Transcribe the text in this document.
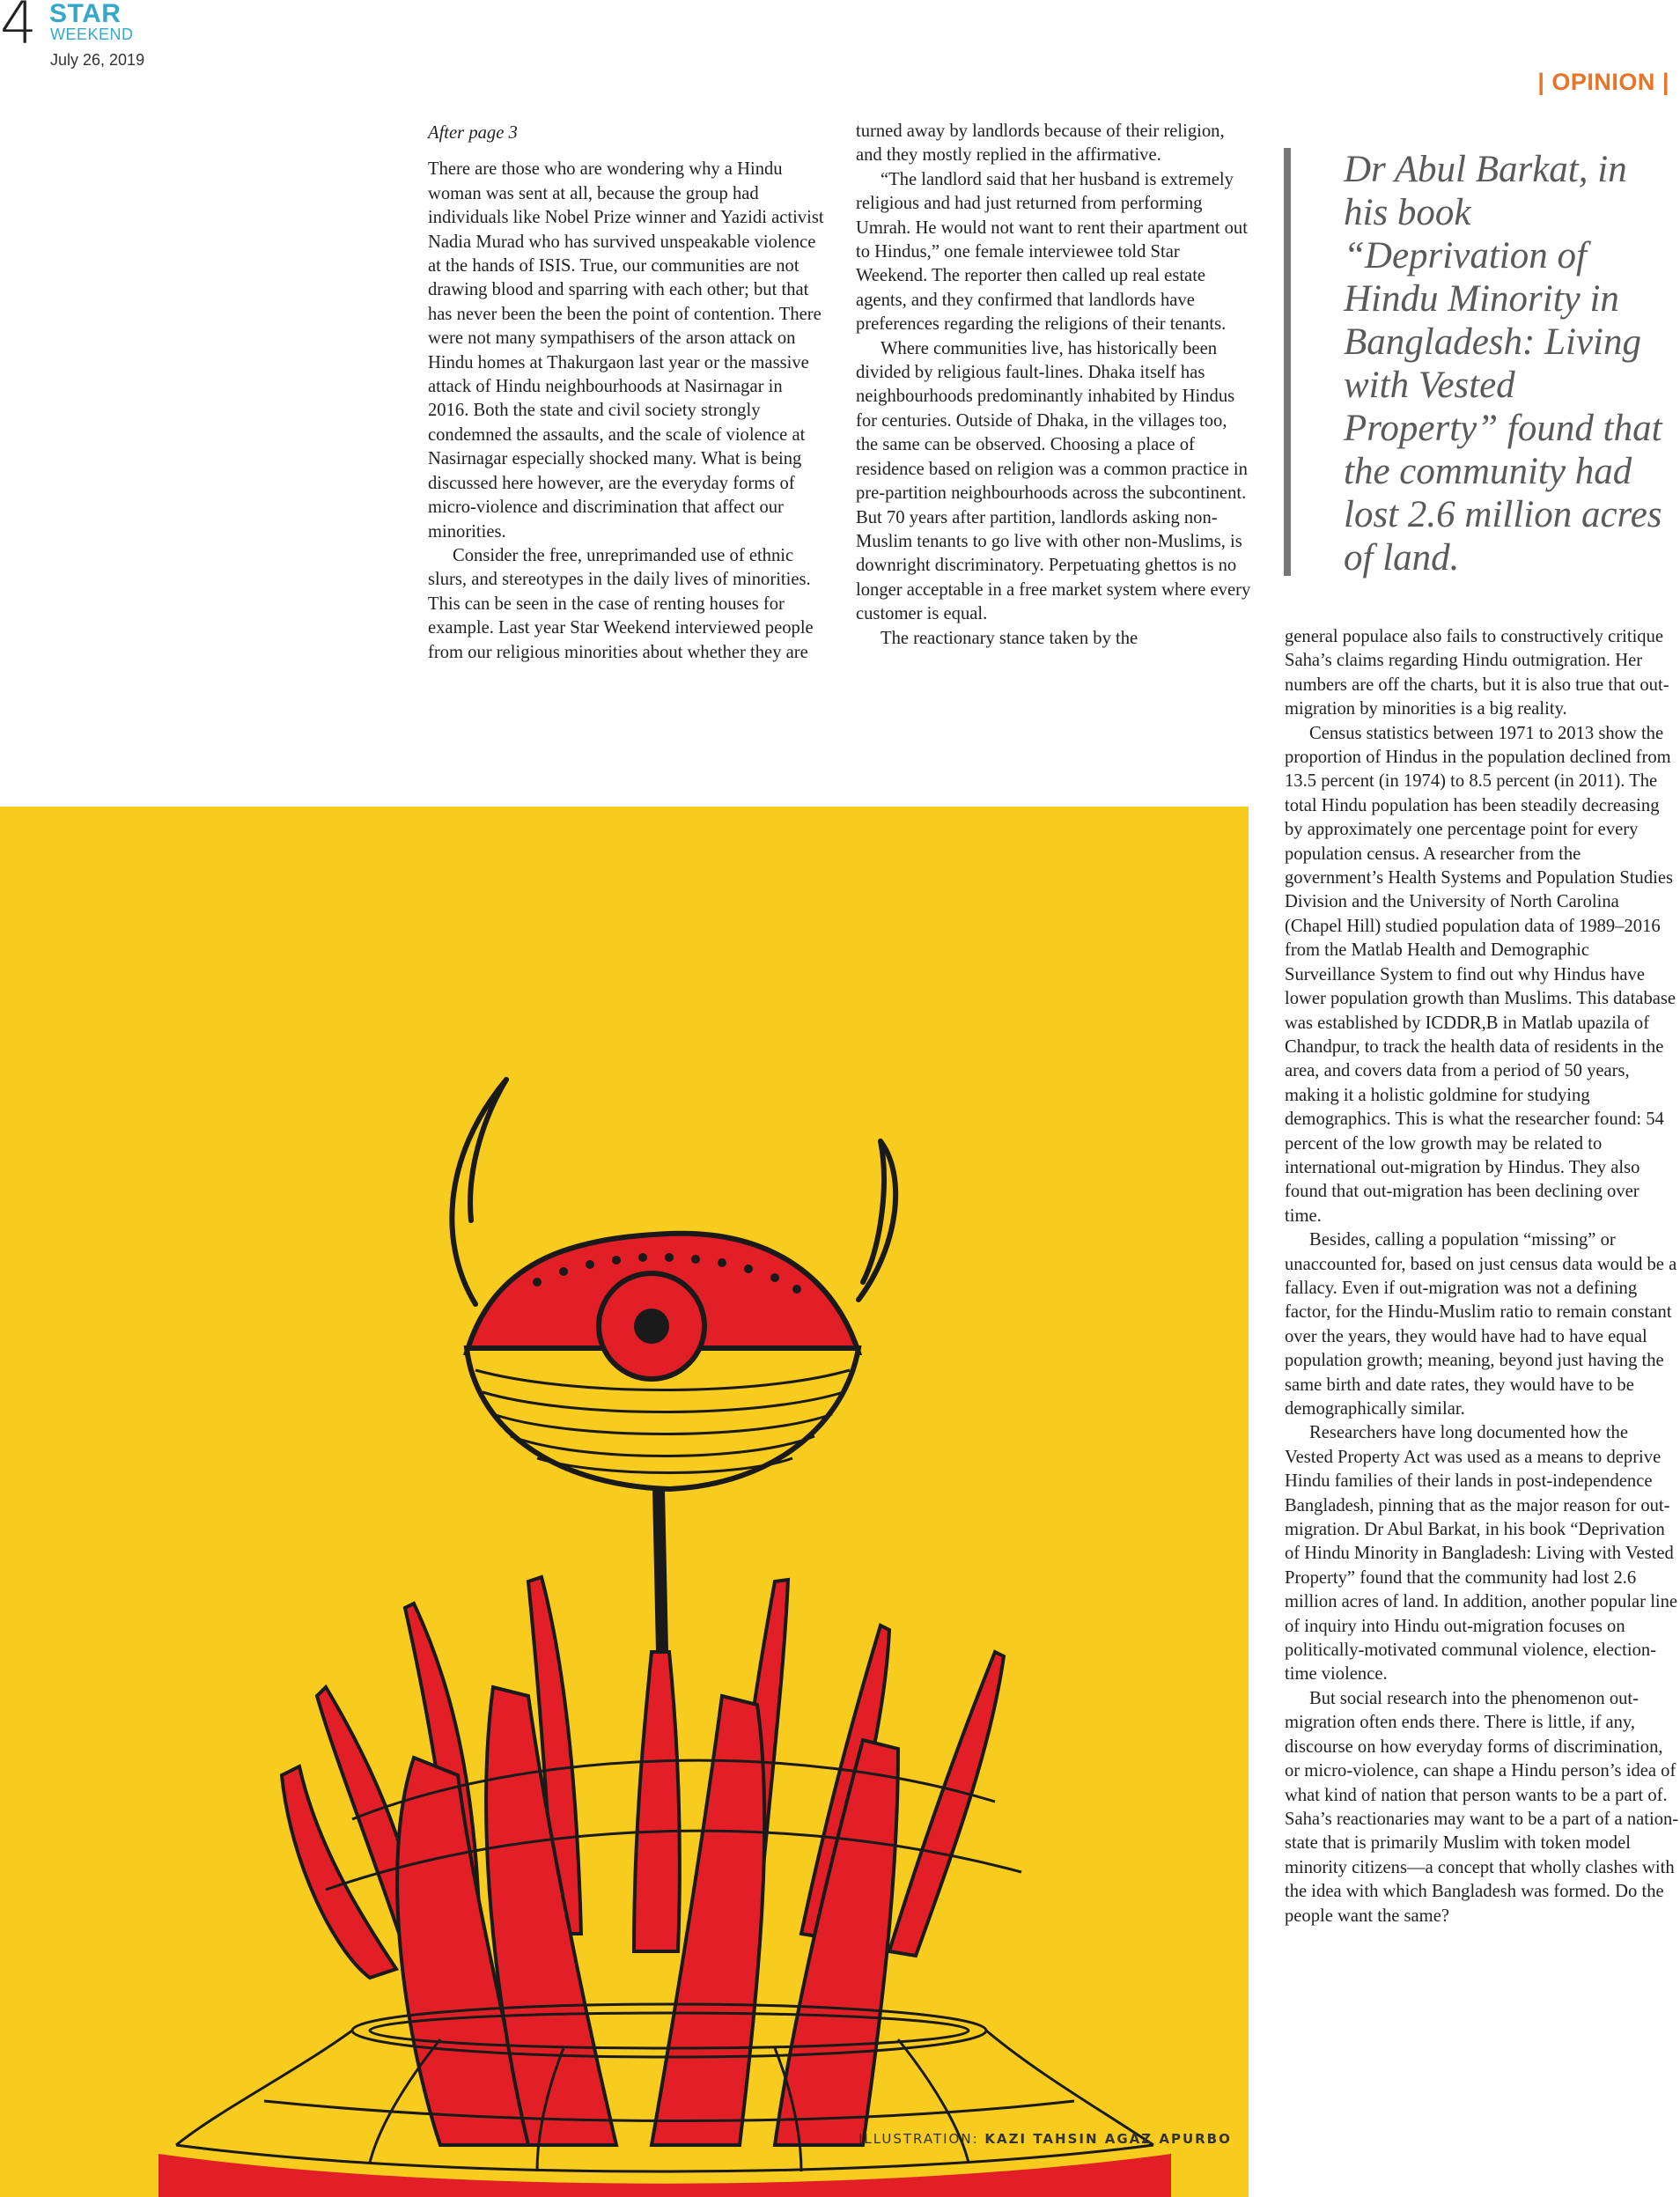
4 STAR
WEEKEND
July 26, 2019
| OPINION |

After page 3

There are those who are wondering why a Hindu woman was sent at all, because the group had individuals like Nobel Prize winner and Yazidi activist Nadia Murad who has survived unspeakable violence at the hands of ISIS. True, our communities are not drawing blood and sparring with each other; but that has never been the been the point of contention. There were not many sympathisers of the arson attack on Hindu homes at Thakurgaon last year or the massive attack of Hindu neighbourhoods at Nasirnagar in 2016. Both the state and civil society strongly condemned the assaults, and the scale of violence at Nasirnagar especially shocked many. What is being discussed here however, are the everyday forms of micro-violence and discrimination that affect our minorities.

Consider the free, unreprimanded use of ethnic slurs, and stereotypes in the daily lives of minorities. This can be seen in the case of renting houses for example. Last year Star Weekend interviewed people from our religious minorities about whether they are

turned away by landlords because of their religion, and they mostly replied in the affirmative.

“The landlord said that her husband is extremely religious and had just returned from performing Umrah. He would not want to rent their apartment out to Hindus,” one female interviewee told Star Weekend. The reporter then called up real estate agents, and they confirmed that landlords have preferences regarding the religions of their tenants.

Where communities live, has historically been divided by religious fault-lines. Dhaka itself has neighbourhoods predominantly inhabited by Hindus for centuries. Outside of Dhaka, in the villages too, the same can be observed. Choosing a place of residence based on religion was a common practice in pre-partition neighbourhoods across the subcontinent. But 70 years after partition, landlords asking non-Muslim tenants to go live with other non-Muslims, is downright discriminatory. Perpetuating ghettos is no longer acceptable in a free market system where every customer is equal.

The reactionary stance taken by the

Dr Abul Barkat, in his book “Deprivation of Hindu Minority in Bangladesh: Living with Vested Property” found that the community had lost 2.6 million acres of land.

general populace also fails to constructively critique Saha’s claims regarding Hindu outmigration. Her numbers are off the charts, but it is also true that out-migration by minorities is a big reality.

Census statistics between 1971 to 2013 show the proportion of Hindus in the population declined from 13.5 percent (in 1974) to 8.5 percent (in 2011). The total Hindu population has been steadily decreasing by approximately one percentage point for every population census. A researcher from the government’s Health Systems and Population Studies Division and the University of North Carolina (Chapel Hill) studied population data of 1989–2016 from the Matlab Health and Demographic Surveillance System to find out why Hindus have lower population growth than Muslims. This database was established by ICDDR,B in Matlab upazila of Chandpur, to track the health data of residents in the area, and covers data from a period of 50 years, making it a holistic goldmine for studying demographics. This is what the researcher found: 54 percent of the low growth may be related to international out-migration by Hindus. They also found that out-migration has been declining over time.

Besides, calling a population “missing” or unaccounted for, based on just census data would be a fallacy. Even if out-migration was not a defining factor, for the Hindu-Muslim ratio to remain constant over the years, they would have had to have equal population growth; meaning, beyond just having the same birth and date rates, they would have to be demographically similar.

Researchers have long documented how the Vested Property Act was used as a means to deprive Hindu families of their lands in post-independence Bangladesh, pinning that as the major reason for out-migration. Dr Abul Barkat, in his book “Deprivation of Hindu Minority in Bangladesh: Living with Vested Property” found that the community had lost 2.6 million acres of land. In addition, another popular line of inquiry into Hindu out-migration focuses on politically-motivated communal violence, election-time violence.

But social research into the phenomenon out-migration often ends there. There is little, if any, discourse on how everyday forms of discrimination, or micro-violence, can shape a Hindu person’s idea of what kind of nation that person wants to be a part of. Saha’s reactionaries may want to be a part of a nation-state that is primarily Muslim with token model minority citizens—a concept that wholly clashes with the idea with which Bangladesh was formed. Do the people want the same?

ILLUSTRATION: KAZI TAHSIN AGAZ APURBO
